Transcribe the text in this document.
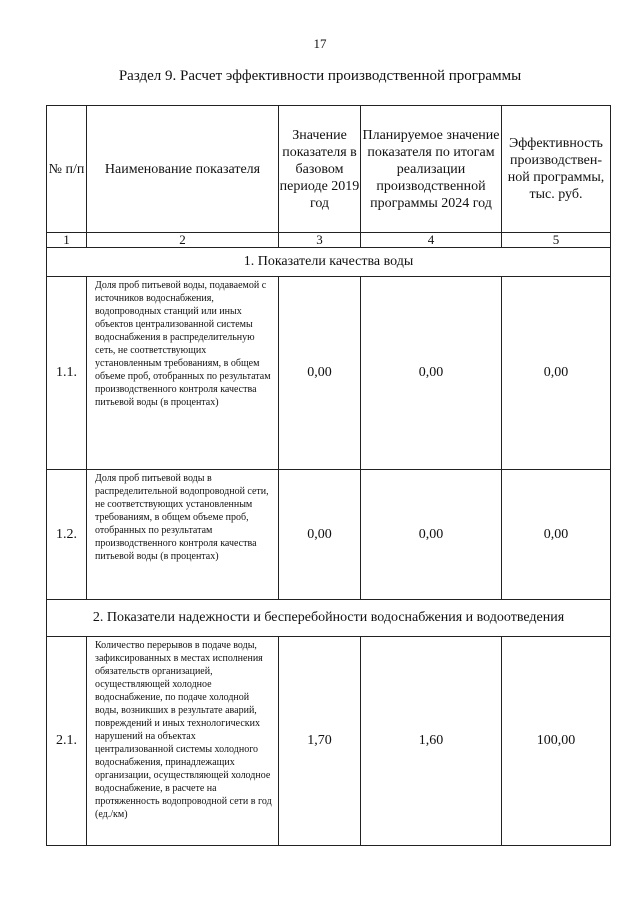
17
Раздел 9. Расчет эффективности производственной программы
№ п/п	Наименование показателя	Значение показателя в базовом периоде 2019 год	Планируемое значение показателя по итогам реализации производственной программы 2024 год	Эффективность производствен-ной программы, тыс. руб.
1	2	3	4	5
1. Показатели качества воды				
1.1.	Доля проб питьевой воды, подаваемой с источников водоснабжения, водопроводных станций или иных объектов централизованной системы водоснабжения в распределительную сеть, не соответствующих установленным требованиям, в общем объеме проб, отобранных по результатам производственного контроля качества питьевой воды (в процентах)	0,00	0,00	0,00
1.2.	Доля проб питьевой воды в распределительной водопроводной сети, не соответствующих установленным требованиям, в общем объеме проб, отобранных по результатам производственного контроля качества питьевой воды (в процентах)	0,00	0,00	0,00
2. Показатели надежности и бесперебойности водоснабжения и водоотведения				
2.1.	Количество перерывов в подаче воды, зафиксированных в местах исполнения обязательств организацией, осуществляющей холодное водоснабжение, по подаче холодной воды, возникших в результате аварий, повреждений и иных технологических нарушений на объектах централизованной системы холодного водоснабжения, принадлежащих организации, осуществляющей холодное водоснабжение, в расчете на протяженность водопроводной сети в год (ед./км)	1,70	1,60	100,00
